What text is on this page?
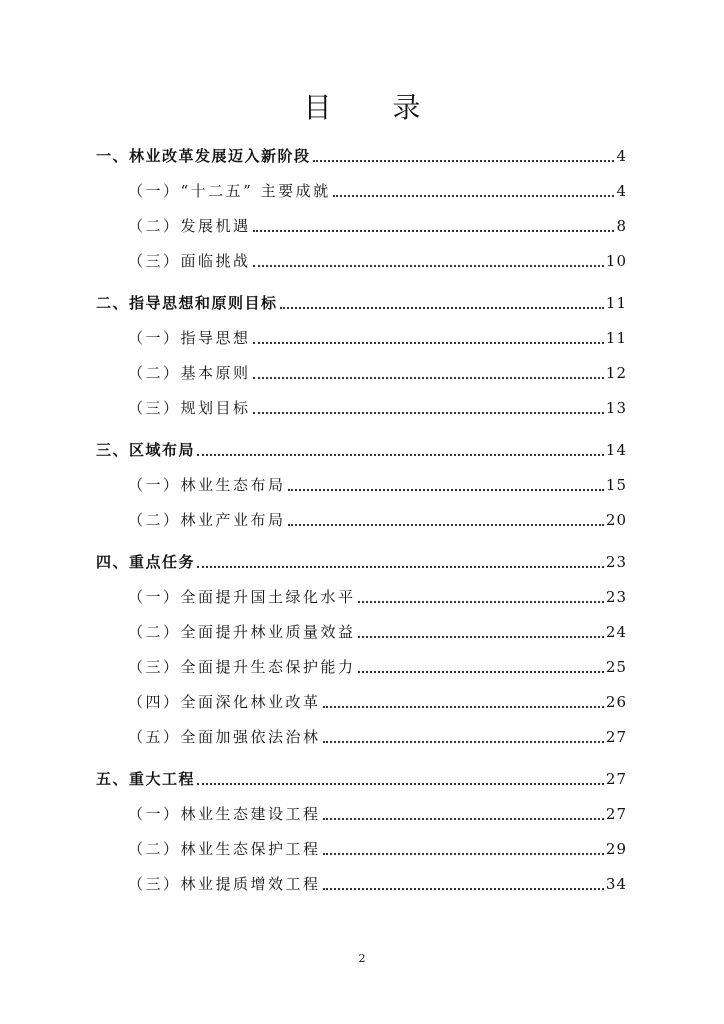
目 录
一、林业改革发展迈入新阶段	4
（一）“十二五” 主要成就	4
（二）发展机遇	8
（三）面临挑战	10
二、指导思想和原则目标	11
（一）指导思想	11
（二）基本原则	12
（三）规划目标	13
三、区域布局	14
（一）林业生态布局	15
（二）林业产业布局	20
四、重点任务	23
（一）全面提升国土绿化水平	23
（二）全面提升林业质量效益	24
（三）全面提升生态保护能力	25
（四）全面深化林业改革	26
（五）全面加强依法治林	27
五、重大工程	27
（一）林业生态建设工程	27
（二）林业生态保护工程	29
（三）林业提质增效工程	34
2
